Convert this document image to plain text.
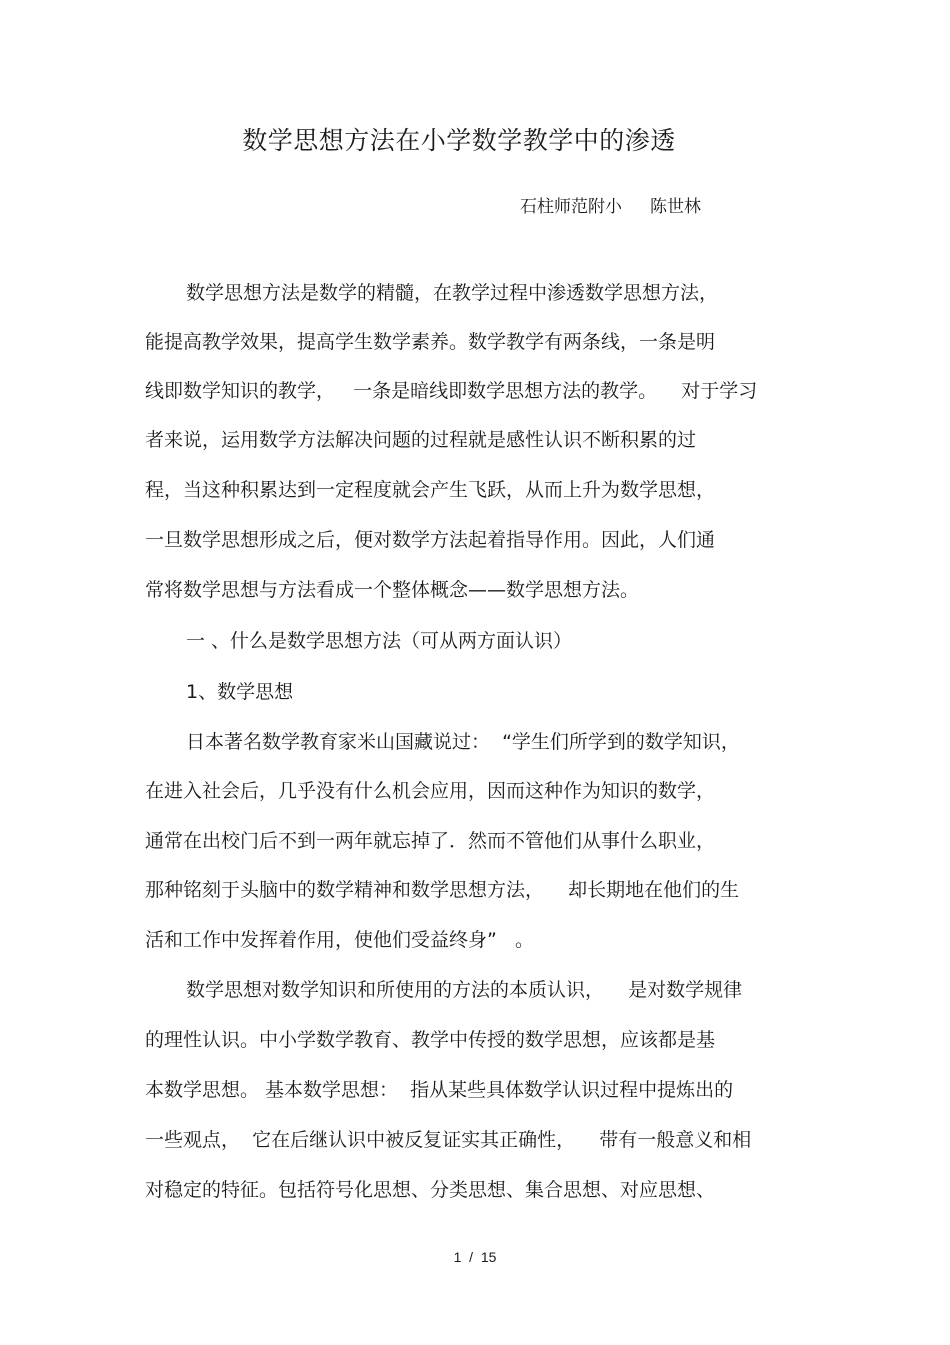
数学思想方法在小学数学教学中的渗透
石柱师范附小 陈世林
数学思想方法是数学的精髓，在教学过程中渗透数学思想方法，
能提高教学效果，提高学生数学素养。数学教学有两条线，一条是明
线即数学知识的教学，   一条是暗线即数学思想方法的教学。    对于学习
者来说，运用数学方法解决问题的过程就是感性认识不断积累的过
程，当这种积累达到一定程度就会产生飞跃，从而上升为数学思想，
一旦数学思想形成之后，便对数学方法起着指导作用。因此，人们通
常将数学思想与方法看成一个整体概念——数学思想方法。
一 、什么是数学思想方法（可从两方面认识）
1、数学思想
日本著名数学教育家米山国藏说过：  “学生们所学到的数学知识，
在进入社会后，几乎没有什么机会应用，因而这种作为知识的数学，
通常在出校门后不到一两年就忘掉了．然而不管他们从事什么职业，
那种铭刻于头脑中的数学精神和数学思想方法，    却长期地在他们的生
活和工作中发挥着作用，使他们受益终身”   。
数学思想对数学知识和所使用的方法的本质认识，    是对数学规律
的理性认识。中小学数学教育、教学中传授的数学思想，应该都是基
本数学思想。 基本数学思想：  指从某些具体数学认识过程中提炼出的
一些观点，  它在后继认识中被反复证实其正确性，    带有一般意义和相
对稳定的特征。包括符号化思想、分类思想、集合思想、对应思想、
1  /  15
